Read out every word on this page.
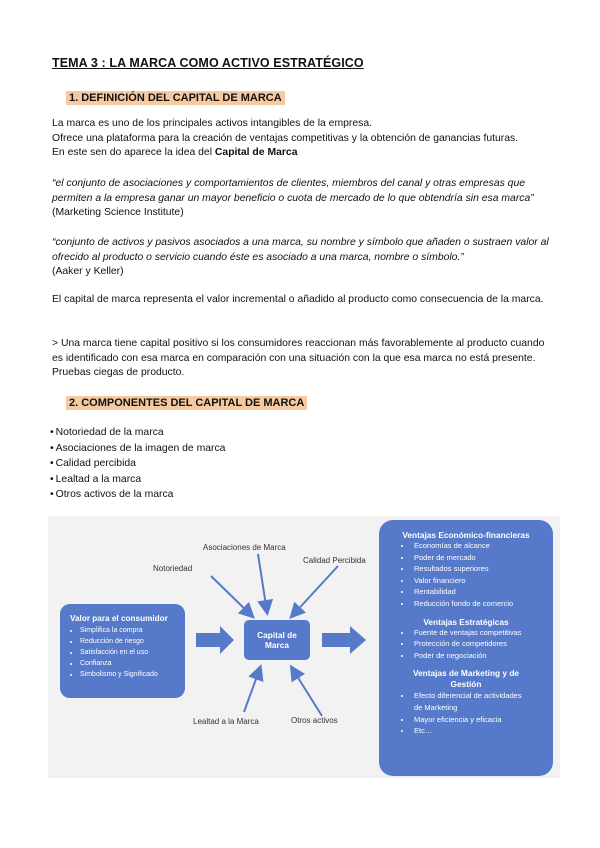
TEMA 3 : LA MARCA COMO ACTIVO ESTRATÉGICO
1. DEFINICIÓN DEL CAPITAL DE MARCA

La marca es uno de los principales activos intangibles de la empresa.
Ofrece una plataforma para la creación de ventajas competitivas y la obtención de ganancias futuras.
En este sen do aparece la idea del Capital de Marca

“el conjunto de asociaciones y comportamientos de clientes, miembros del canal y otras empresas que permiten a la empresa ganar un mayor beneficio o cuota de mercado de lo que obtendría sin esa marca” (Marketing Science Institute)

“conjunto de activos y pasivos asociados a una marca, su nombre y símbolo que añaden o sustraen valor al ofrecido al producto o servicio cuando éste es asociado a una marca, nombre o símbolo.”
(Aaker y Keller)

El capital de marca representa el valor incremental o añadido al producto como consecuencia de la marca.

> Una marca tiene capital positivo si los consumidores reaccionan más favorablemente al producto cuando es identificado con esa marca en comparación con una situación con la que esa marca no está presente. Pruebas ciegas de producto.

2. COMPONENTES DEL CAPITAL DE MARCA
• Notoriedad de la marca
• Asociaciones de la imagen de marca
• Calidad percibida
• Lealtad a la marca
• Otros activos de la marca
Notoriedad
Asociaciones de Marca
Calidad Percibida
Lealtad a la Marca	Otros activos
Valor para el consumidor
• Simplifica la compra
• Reducción de riesgo
• Satisfacción en el uso
• Confianza
• Simbolismo y Significado
Capital de
Marca
Ventajas Económico-financieras
• Economías de alcance
• Poder de mercado
• Resultados superiores
• Valor financiero
• Rentabilidad
• Reducción fondo de comercio
Ventajas Estratégicas
• Fuente de ventajas competitivas
• Protección de competidores
• Poder de negociación
Ventajas de Marketing y de Gestión
• Efecto diferencial de actividades de Marketing
• Mayor eficiencia y eficacia
• Etc…
